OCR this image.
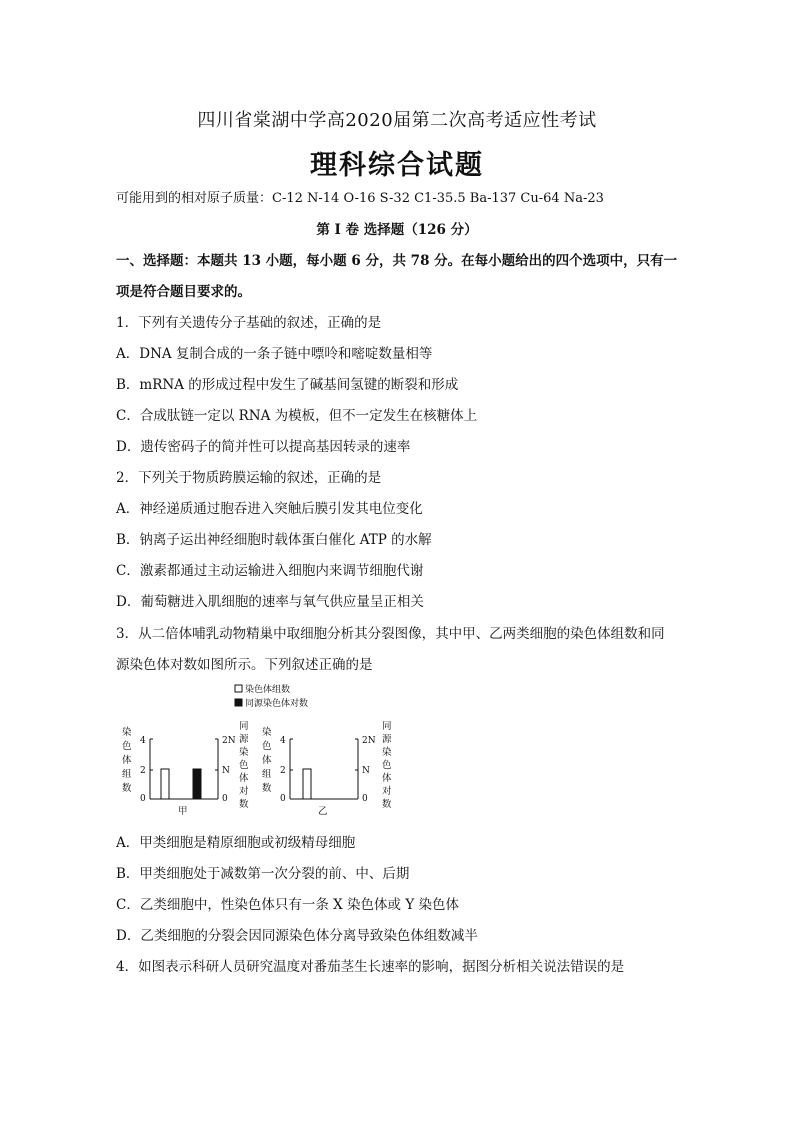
四川省棠湖中学高2020届第二次高考适应性考试
理科综合试题
可能用到的相对原子质量：C-12 N-14 O-16 S-32 C1-35.5 Ba-137 Cu-64 Na-23
第 I 卷 选择题（126 分）
一、选择题：本题共 13 小题，每小题 6 分，共 78 分。在每小题给出的四个选项中，只有一
项是符合题目要求的。
1．下列有关遗传分子基础的叙述，正确的是
A．DNA 复制合成的一条子链中嘌呤和嘧啶数量相等
B．mRNA 的形成过程中发生了碱基间氢键的断裂和形成
C．合成肽链一定以 RNA 为模板，但不一定发生在核糖体上
D．遗传密码子的简并性可以提高基因转录的速率
2．下列关于物质跨膜运输的叙述，正确的是
A．神经递质通过胞吞进入突触后膜引发其电位变化
B．钠离子运出神经细胞时载体蛋白催化 ATP 的水解
C．激素都通过主动运输进入细胞内来调节细胞代谢
D．葡萄糖进入肌细胞的速率与氧气供应量呈正相关
3．从二倍体哺乳动物精巢中取细胞分析其分裂图像，其中甲、乙两类细胞的染色体组数和同
源染色体对数如图所示。下列叙述正确的是
染色体组数
同源染色体对数
染
色
体
组
数
4
2
0
2N
N
0
同
源
染
色
体
对
数
甲
染
色
体
组
数
4
2
0
2N
N
0
同
源
染
色
体
对
数
乙
A．甲类细胞是精原细胞或初级精母细胞
B．甲类细胞处于减数第一次分裂的前、中、后期
C．乙类细胞中，性染色体只有一条 X 染色体或 Y 染色体
D．乙类细胞的分裂会因同源染色体分离导致染色体组数减半
4．如图表示科研人员研究温度对番茄茎生长速率的影响，据图分析相关说法错误的是
